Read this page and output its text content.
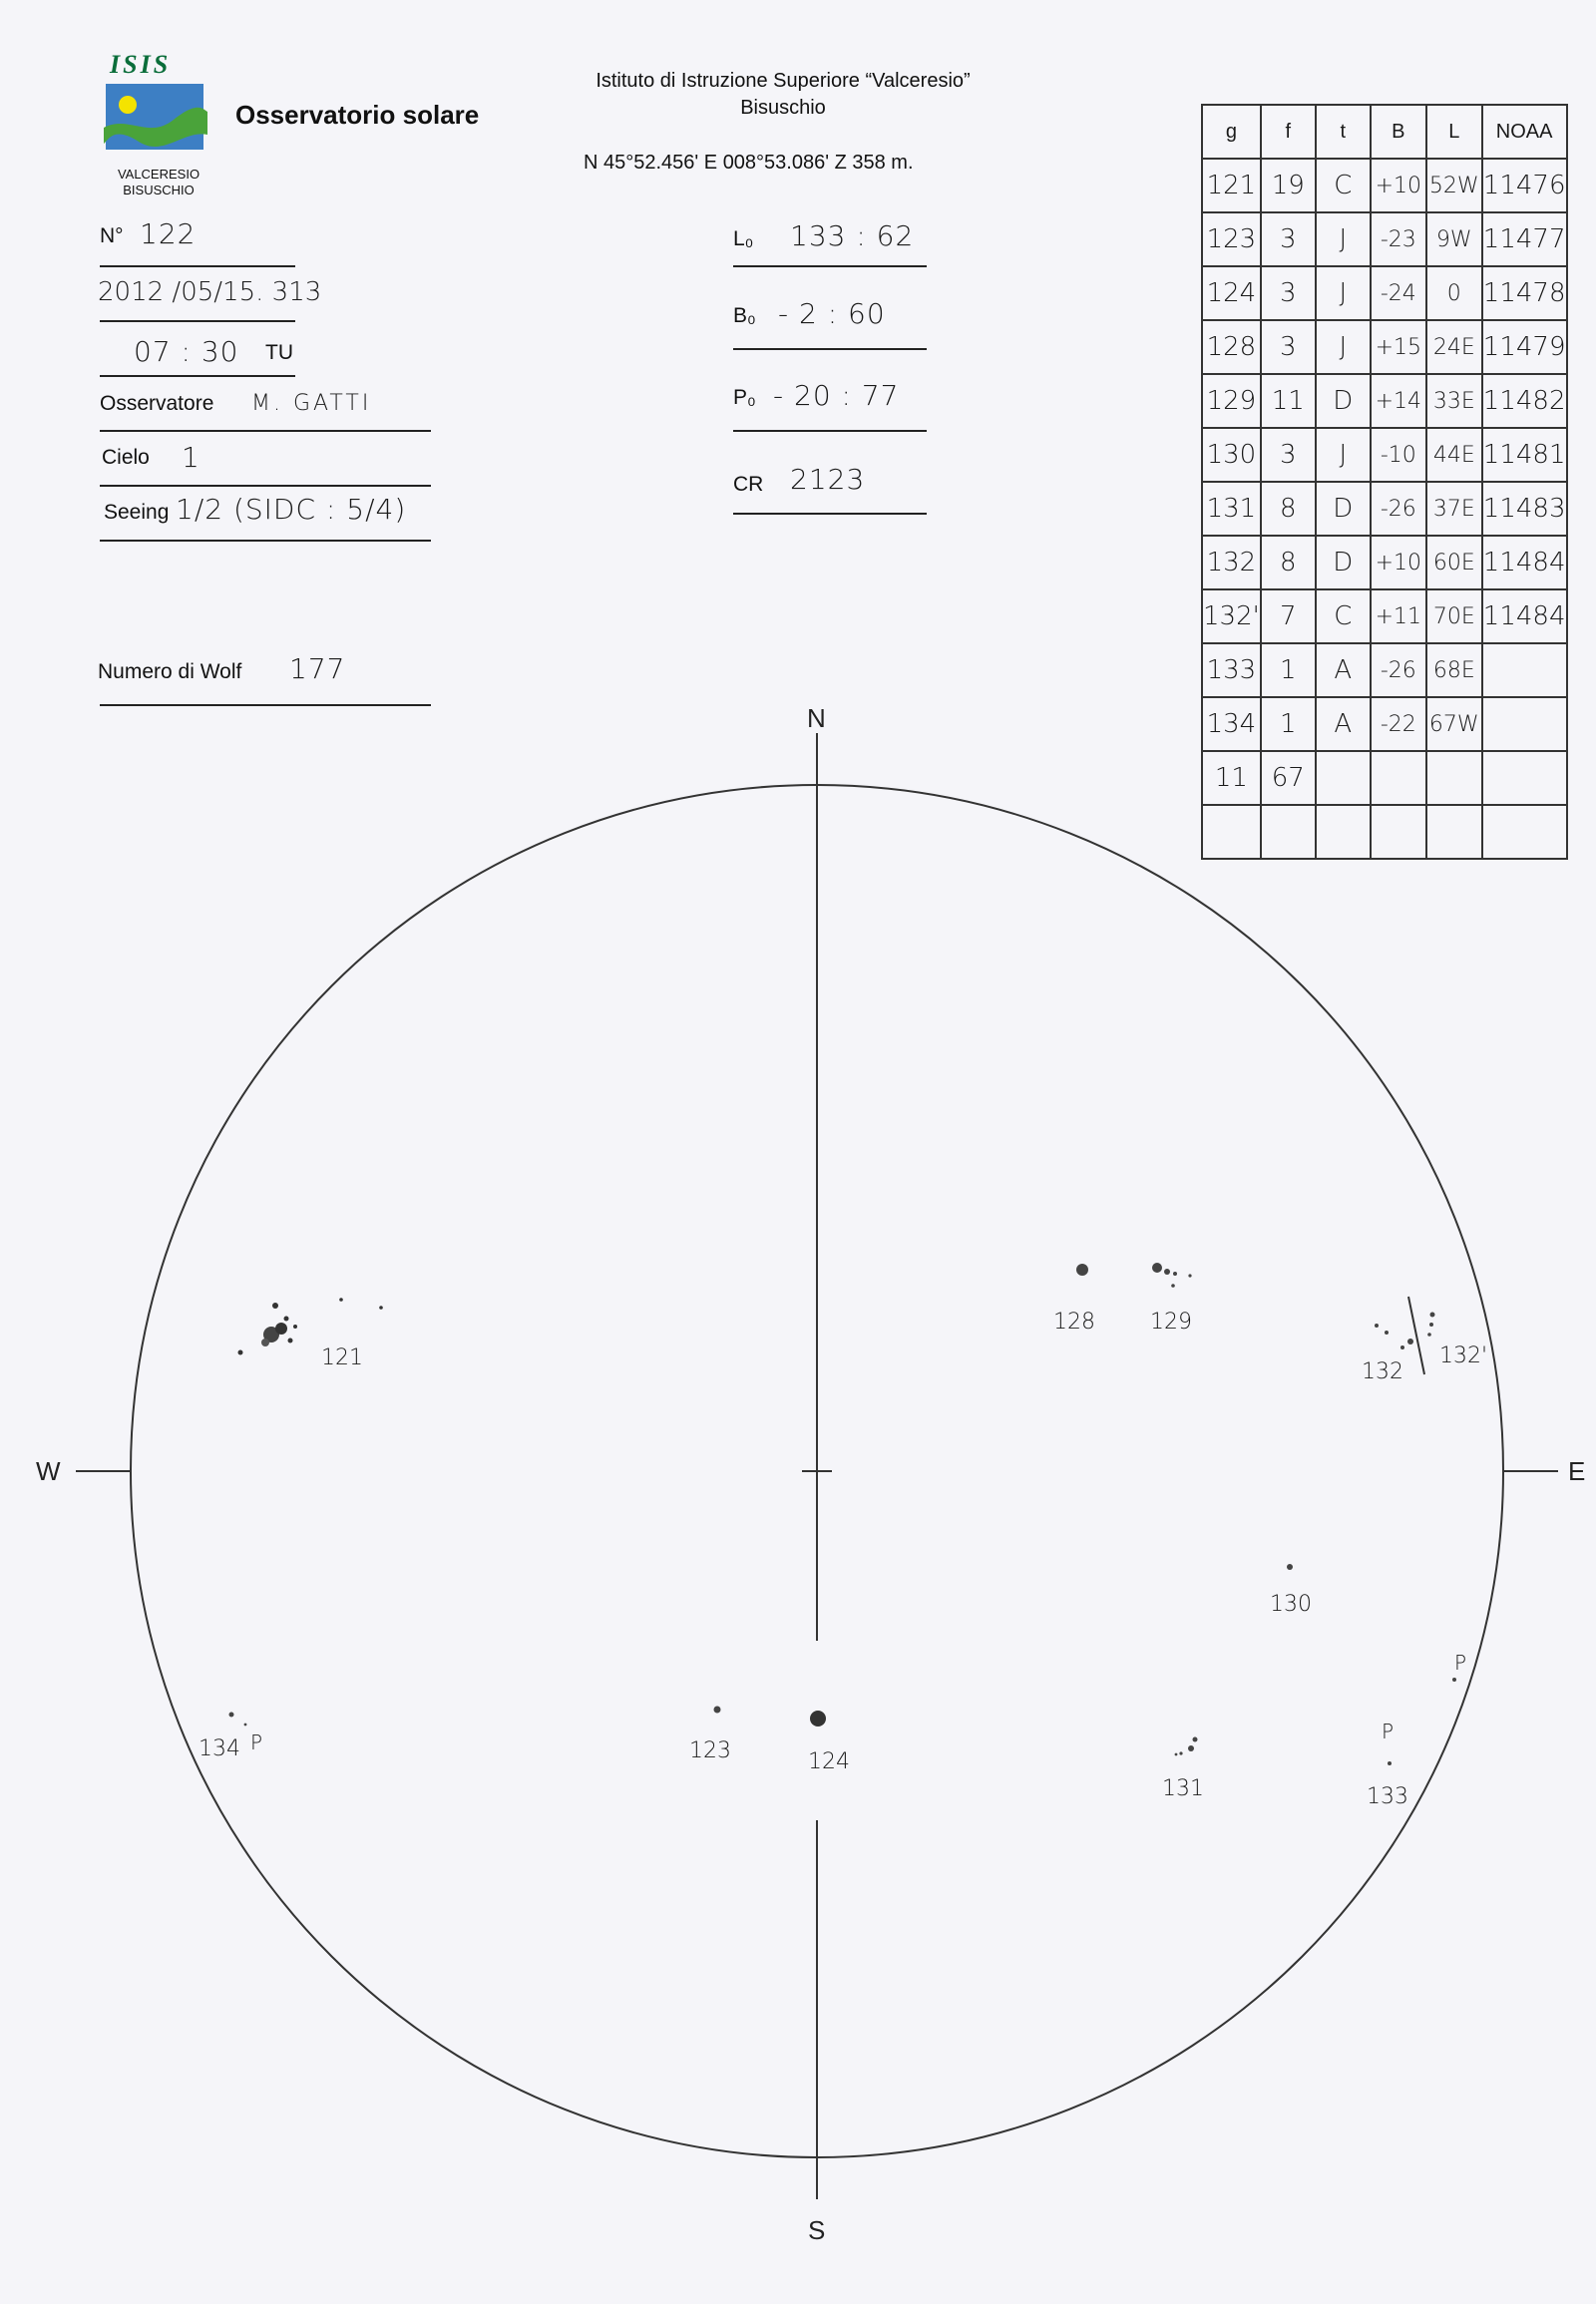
ISIS
VALCERESIO
BISUSCHIO
Osservatorio solare
Istituto di Istruzione Superiore “Valceresio”
Bisuschio
N 45°52.456' E 008°53.086' Z 358 m.
N° 122
2012 /05/15. 313
07 : 30 TU
Osservatore M. GATTI
Cielo 1
Seeing 1/2 (SIDC : 5/4)
Numero di Wolf 177
L₀ 133 : 62
B₀ - 2 : 60
P₀ - 20 : 77
CR 2123
g	f	t	B	L	NOAA
121	19	C	+10	52W	11476
123	3	J	-23	9W	11477
124	3	J	-24	0	11478
128	3	J	+15	24E	11479
129	11	D	+14	33E	11482
130	3	J	-10	44E	11481
131	8	D	-26	37E	11483
132	8	D	+10	60E	11484
132'	7	C	+11	70E	11484
133	1	A	-26	68E	
134	1	A	-22	67W	
11	67				

N
S
W	E
121
128	129
132
132'
130
123	124
131
P
133
P
134 P
